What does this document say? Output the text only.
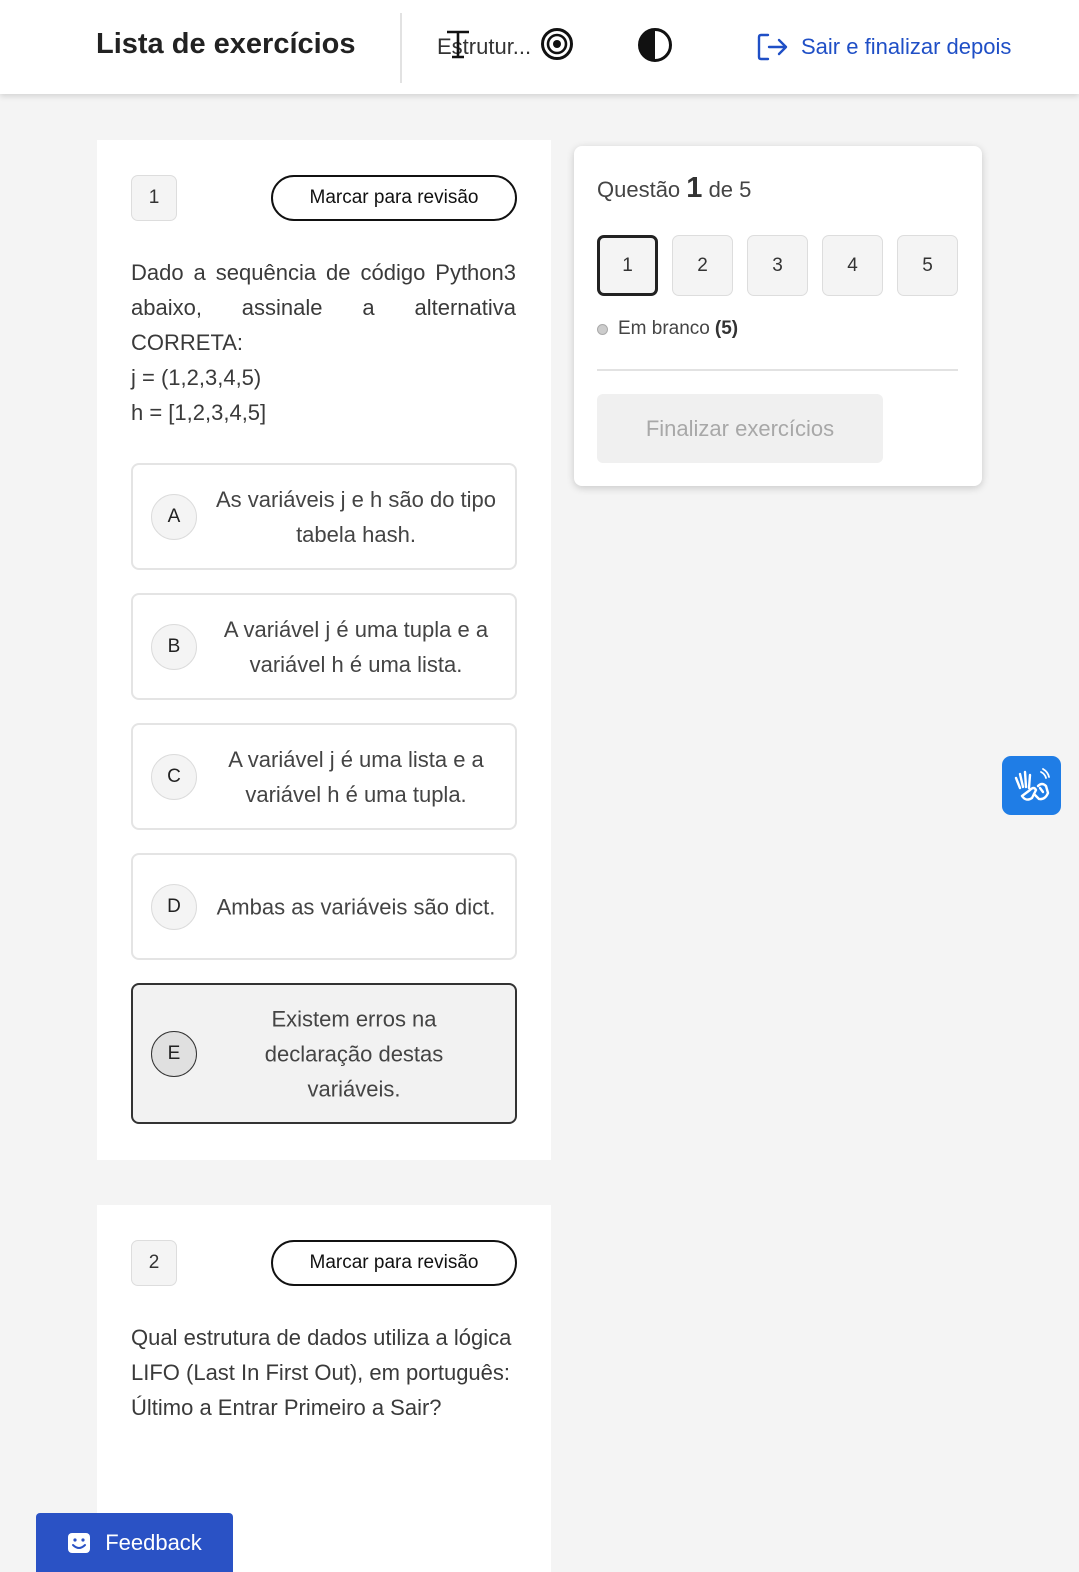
Lista de exercícios	Estrutur...	Sair e finalizar depois
1	Marcar para revisão

Dado a sequência de código Python3 abaixo, assinale a alternativa CORRETA:

j = (1,2,3,4,5)

h = [1,2,3,4,5]

A
As variáveis j e h são do tipo tabela hash.
B
A variável j é uma tupla e a variável h é uma lista.
C
A variável j é uma lista e a variável h é uma tupla.
D	Ambas as variáveis são dict.
E
Existem erros na declaração destas variáveis.
2	Marcar para revisão

Qual estrutura de dados utiliza a lógica LIFO (Last In First Out), em português: Último a Entrar Primeiro a Sair?

Questão 1 de 5
1	2	3	4	5
Em branco (5)
Finalizar exercícios
Feedback
